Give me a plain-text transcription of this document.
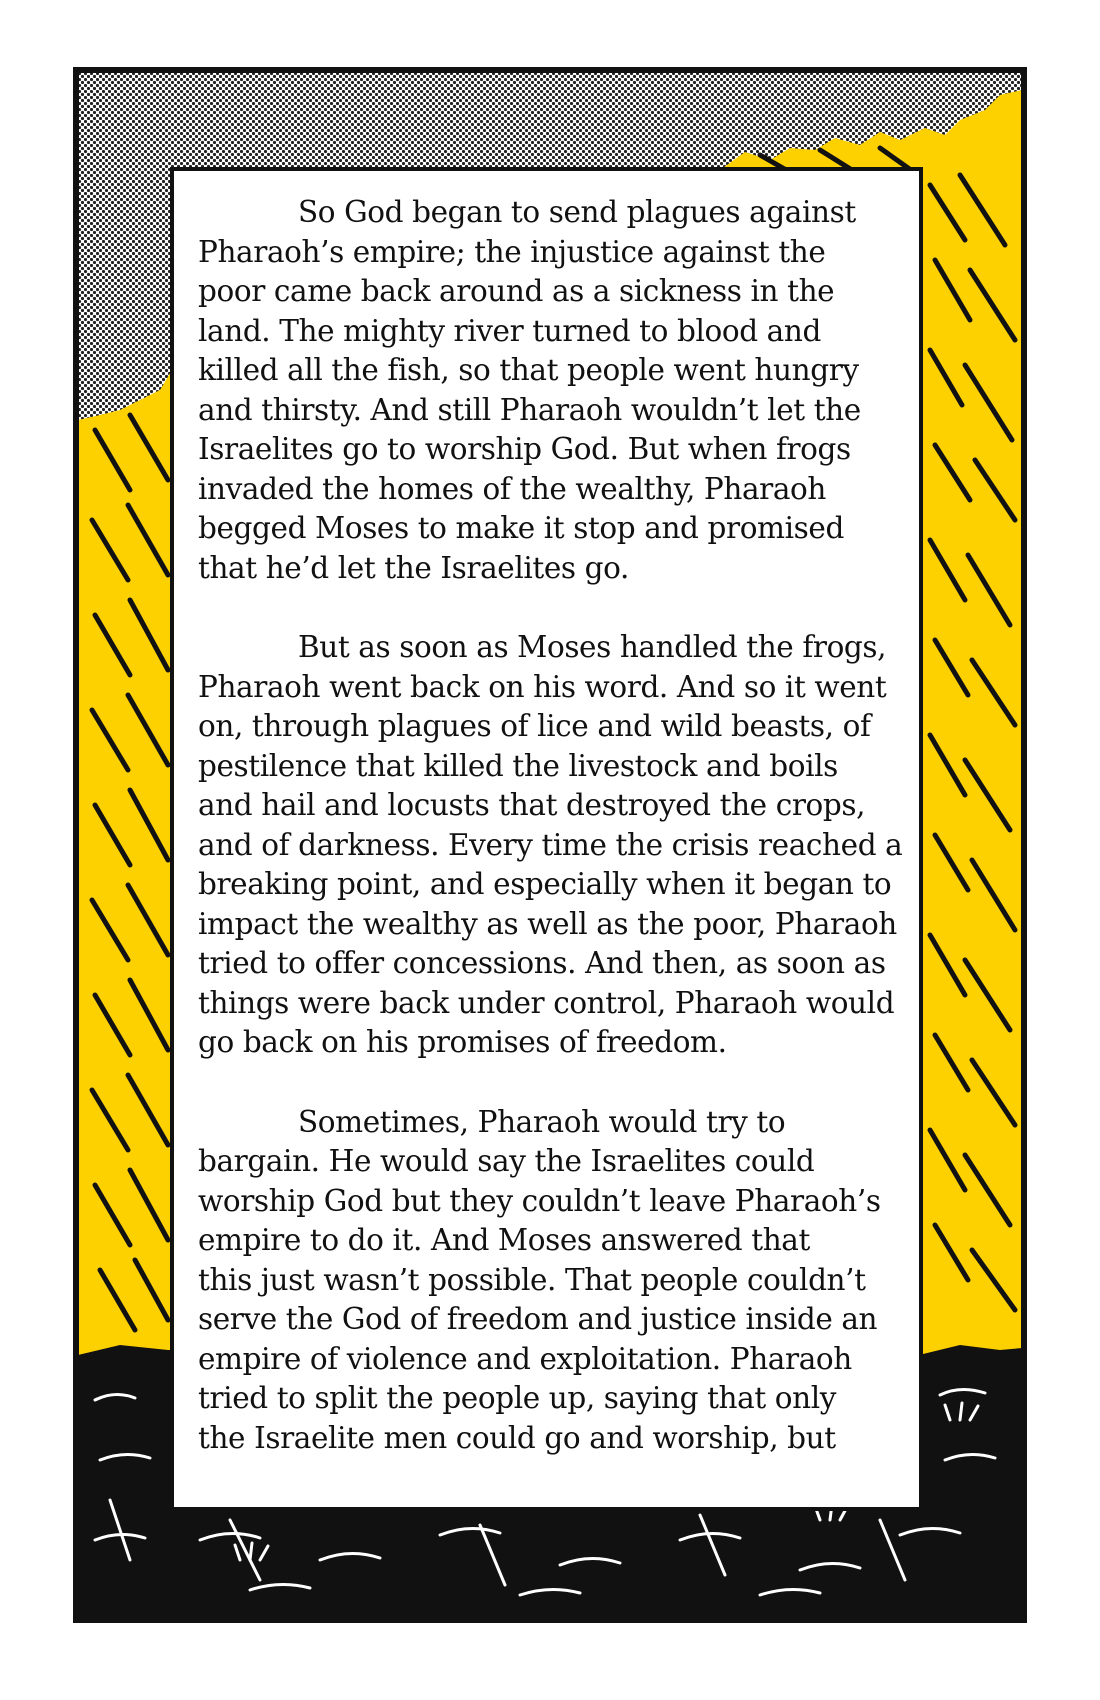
So God began to send plagues against
Pharaoh’s empire; the injustice against the
poor came back around as a sickness in the
land. The mighty river turned to blood and
killed all the fish, so that people went hungry
and thirsty. And still Pharaoh wouldn’t let the
Israelites go to worship God. But when frogs
invaded the homes of the wealthy, Pharaoh
begged Moses to make it stop and promised
that he’d let the Israelites go.

But as soon as Moses handled the frogs,
Pharaoh went back on his word. And so it went
on, through plagues of lice and wild beasts, of
pestilence that killed the livestock and boils
and hail and locusts that destroyed the crops,
and of darkness. Every time the crisis reached a
breaking point, and especially when it began to
impact the wealthy as well as the poor, Pharaoh
tried to offer concessions. And then, as soon as
things were back under control, Pharaoh would
go back on his promises of freedom.

Sometimes, Pharaoh would try to
bargain. He would say the Israelites could
worship God but they couldn’t leave Pharaoh’s
empire to do it. And Moses answered that
this just wasn’t possible. That people couldn’t
serve the God of freedom and justice inside an
empire of violence and exploitation. Pharaoh
tried to split the people up, saying that only
the Israelite men could go and worship, but
